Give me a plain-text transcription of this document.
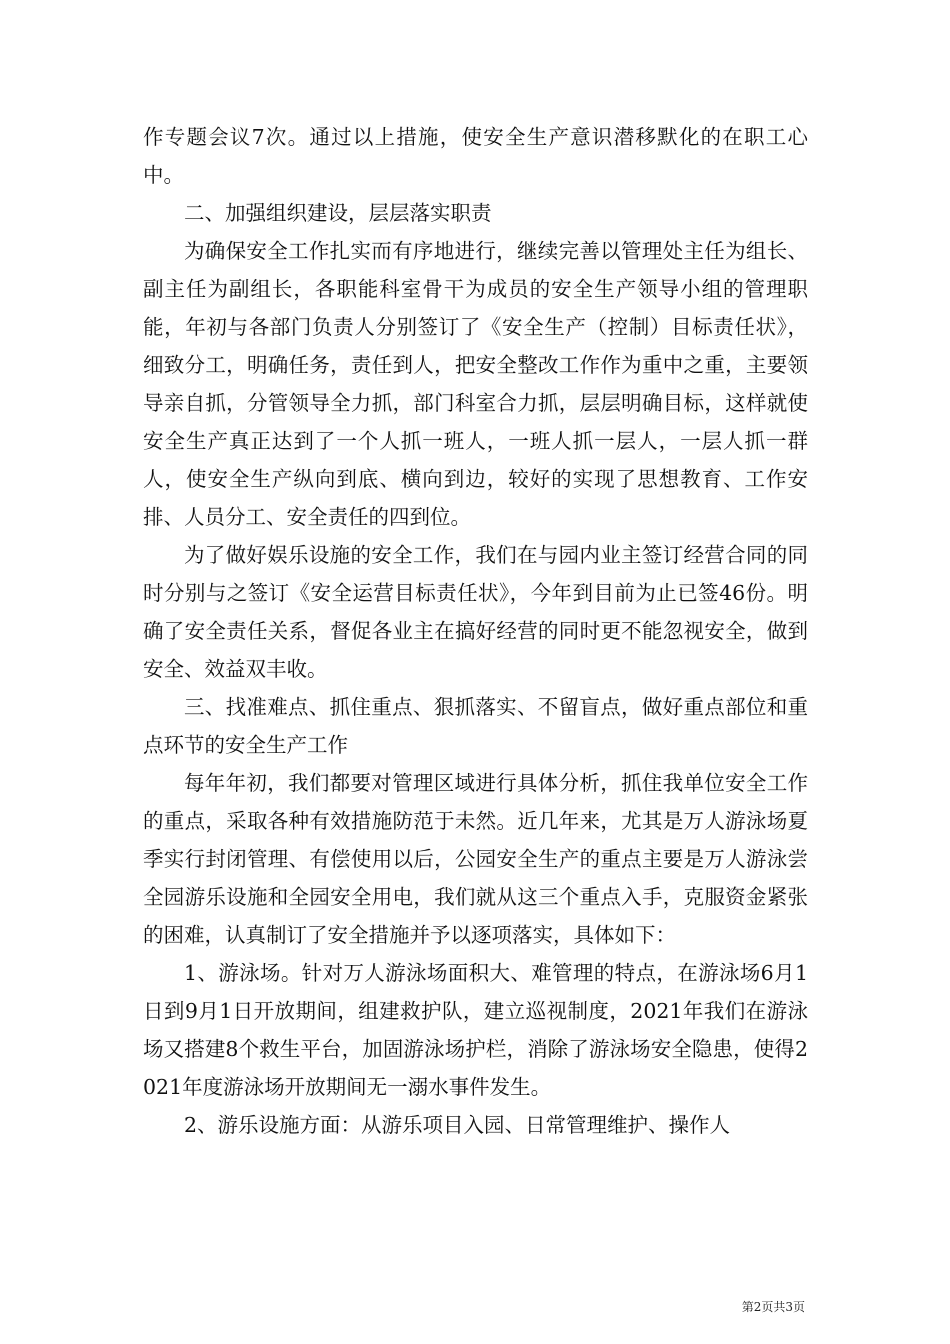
作专题会议7次。通过以上措施，使安全生产意识潜移默化的在职工心中。

二、加强组织建设，层层落实职责

为确保安全工作扎实而有序地进行，继续完善以管理处主任为组长、副主任为副组长，各职能科室骨干为成员的安全生产领导小组的管理职能，年初与各部门负责人分别签订了《安全生产（控制）目标责任状》，细致分工，明确任务，责任到人，把安全整改工作作为重中之重，主要领导亲自抓，分管领导全力抓，部门科室合力抓，层层明确目标，这样就使安全生产真正达到了一个人抓一班人，一班人抓一层人，一层人抓一群人，使安全生产纵向到底、横向到边，较好的实现了思想教育、工作安排、人员分工、安全责任的四到位。

为了做好娱乐设施的安全工作，我们在与园内业主签订经营合同的同时分别与之签订《安全运营目标责任状》，今年到目前为止已签46份。明确了安全责任关系，督促各业主在搞好经营的同时更不能忽视安全，做到安全、效益双丰收。

三、找准难点、抓住重点、狠抓落实、不留盲点，做好重点部位和重点环节的安全生产工作

每年年初，我们都要对管理区域进行具体分析，抓住我单位安全工作的重点，采取各种有效措施防范于未然。近几年来，尤其是万人游泳场夏季实行封闭管理、有偿使用以后，公园安全生产的重点主要是万人游泳尝全园游乐设施和全园安全用电，我们就从这三个重点入手，克服资金紧张的困难，认真制订了安全措施并予以逐项落实，具体如下：

1、游泳场。针对万人游泳场面积大、难管理的特点，在游泳场6月1日到9月1日开放期间，组建救护队，建立巡视制度，2021年我们在游泳场又搭建8个救生平台，加固游泳场护栏，消除了游泳场安全隐患，使得2021年度游泳场开放期间无一溺水事件发生。

2、游乐设施方面：从游乐项目入园、日常管理维护、操作人

第2页共3页
